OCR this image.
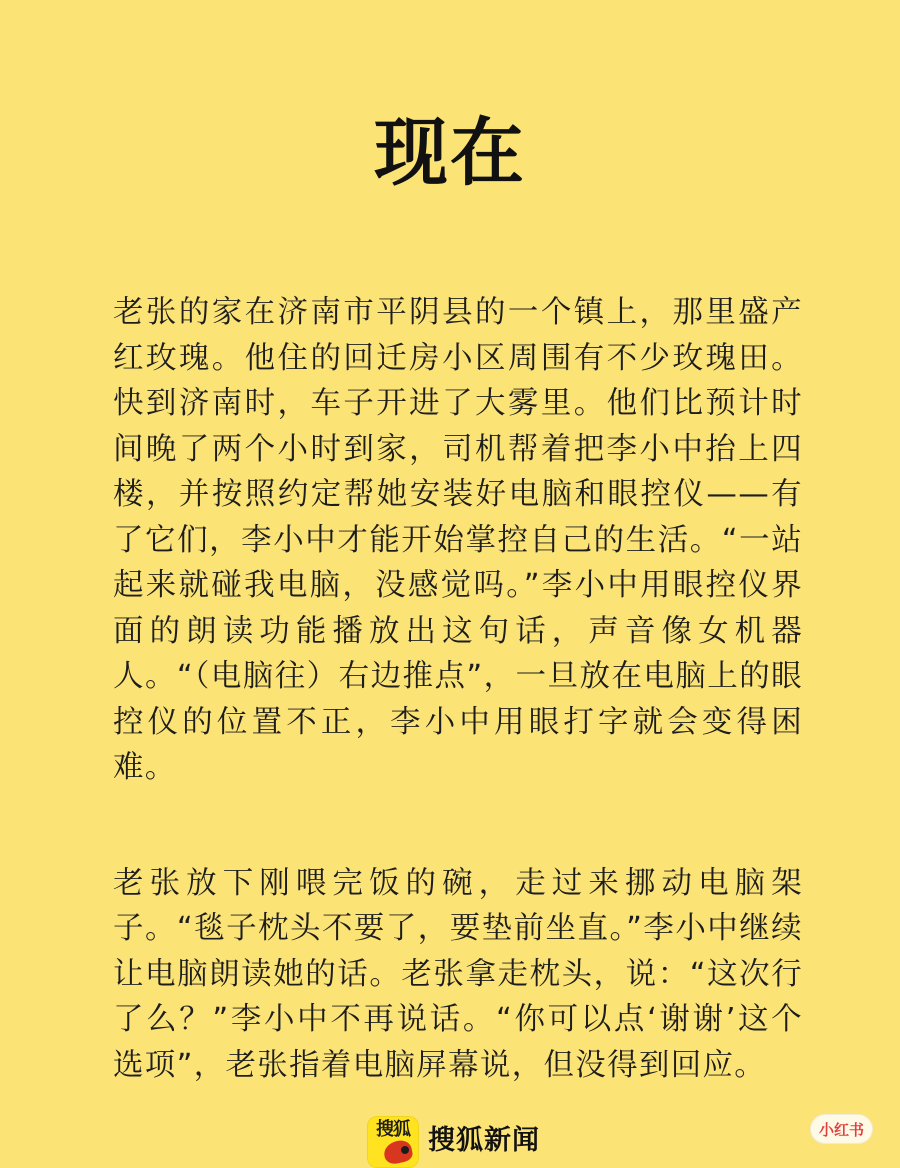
现在

老张的家在济南市平阴县的一个镇上，那里盛产红玫瑰。他住的回迁房小区周围有不少玫瑰田。快到济南时，车子开进了大雾里。他们比预计时间晚了两个小时到家，司机帮着把李小中抬上四楼，并按照约定帮她安装好电脑和眼控仪——有了它们，李小中才能开始掌控自己的生活。“一站起来就碰我电脑，没感觉吗。”李小中用眼控仪界面的朗读功能播放出这句话，声音像女机器人。“（电脑往）右边推点”，一旦放在电脑上的眼控仪的位置不正，李小中用眼打字就会变得困难。

老张放下刚喂完饭的碗，走过来挪动电脑架子。“毯子枕头不要了，要垫前坐直。”李小中继续让电脑朗读她的话。老张拿走枕头，说：“这次行了么？”李小中不再说话。“你可以点‘谢谢’这个选项”，老张指着电脑屏幕说，但没得到回应。

搜狐 搜狐新闻	小红书
